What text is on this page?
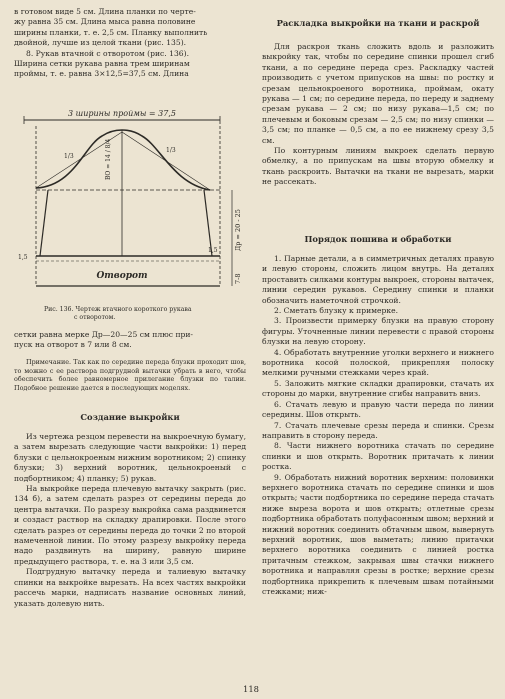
в готовом виде 5 см. Длина планки по черте-

жу равна 35 см. Длина мыса равна половине

ширины планки, т. е. 2,5 см. Планку выполнить

двойной, лучше из целой ткани (рис. 135).

8. Рукав втачной с отворотом (рис. 136).

Ширина сетки рукава равна трем ширинам

проймы, т. е. равна 3×12,5=37,5 см. Длина

3 ширины проймы = 37,5
ВО = 14 / 8/4
1/3
1/3
Отворот
1,5
1,5	Др = 20 - 25
7-8
Рис. 136. Чертеж втачного короткого рукава
с отворотом.

сетки равна мерке Др—20—25 см плюс при-

пуск на отворот в 7 или 8 см.

Примечание. Так как по середине переда блузки проходит шов, то можно с ее раствора подгрудной вытачки убрать в него, чтобы обеспечить более равномерное прилегание блузки по талии. Подобное решение дается в последующих моделях.

Создание выкройки

Из чертежа резцом перевести на выкроечную бумагу, а затем вырезать следующие части выкройки: 1) перед блузки с цельнокроеным нижним воротником; 2) спинку блузки; 3) верхний воротник, цельнокроеный с подбортником; 4) планку; 5) рукав.

На выкройке переда плечевую вытачку закрыть (рис. 134 б), а затем сделать разрез от середины переда до центра вытачки. По разрезу выкройка сама раздвинется и создаст раствор на складку драпировки. После этого сделать разрез от середины переда до точки 2 по второй намеченной линии. По этому разрезу выкройку переда надо раздвинуть на ширину, равную ширине предыдущего раствора, т. е. на 3 или 3,5 см.

Подгрудную вытачку переда и талиевую вытачку спинки на выкройке вырезать. На всех частях выкройки рассечь марки, надписать название основных линий, указать долевую нить.

Раскладка выкройки на ткани и раскрой

Для раскроя ткань сложить вдоль и разложить выкройку так, чтобы по середине спинки прошел сгиб ткани, а по середине переда срез. Раскладку частей производить с учетом припусков на швы: по ростку и срезам цельнокроеного воротника, проймам, окату рукава — 1 см; по середине переда, по переду и заднему срезам рукава — 2 см; по низу рукава—1,5 см; по плечевым и боковым срезам — 2,5 см; по низу спинки — 3,5 см; по планке — 0,5 см, а по ее нижнему срезу 3,5 см.

По контурным линиям выкроек сделать первую обмелку, а по припускам на швы вторую обмелку и ткань раскроить. Вытачки на ткани не вырезать, марки не рассекать.

Порядок пошива и обработки

1. Парные детали, а в симметричных деталях правую и левую стороны, сложить лицом внутрь. На деталях проставить силками контуры выкроек, стороны вытачек, линии середин рукавов. Середину спинки и планки обозначить наметочной строчкой.

2. Сметать блузку к примерке.

3. Произвести примерку блузки на правую сторону фигуры. Уточненные линии перевести с правой стороны блузки на левую сторону.

4. Обработать внутренние уголки верхнего и нижнего воротника косой полоской, прикрепляя полоску мелкими ручными стежками через край.

5. Заложить мягкие складки драпировки, стачать их стороны до марки, внутренние сгибы направить вниз.

6. Стачать левую и правую части переда по линии середины. Шов открыть.

7. Стачать плечевые срезы переда и спинки. Срезы направить в сторону переда.

8. Части нижнего воротника стачать по середине спинки и шов открыть. Воротник притачать к линии ростка.

9. Обработать нижний воротник верхним: половинки верхнего воротника стачать по середине спинки и шов открыть; части подбортника по середине переда стачать ниже выреза ворота и шов открыть; отлетные срезы подбортника обработать полуфасонным швом; верхний и нижний воротник соединить обтачным швом, вывернуть верхний воротник, шов выметать; линию притачки верхнего воротника соединить с линией ростка притачным стежком, закрывая швы стачки нижнего воротника и направляя срезы в ростке; верхние срезы подбортника прикрепить к плечевым швам потайными стежками; ниж-

118
